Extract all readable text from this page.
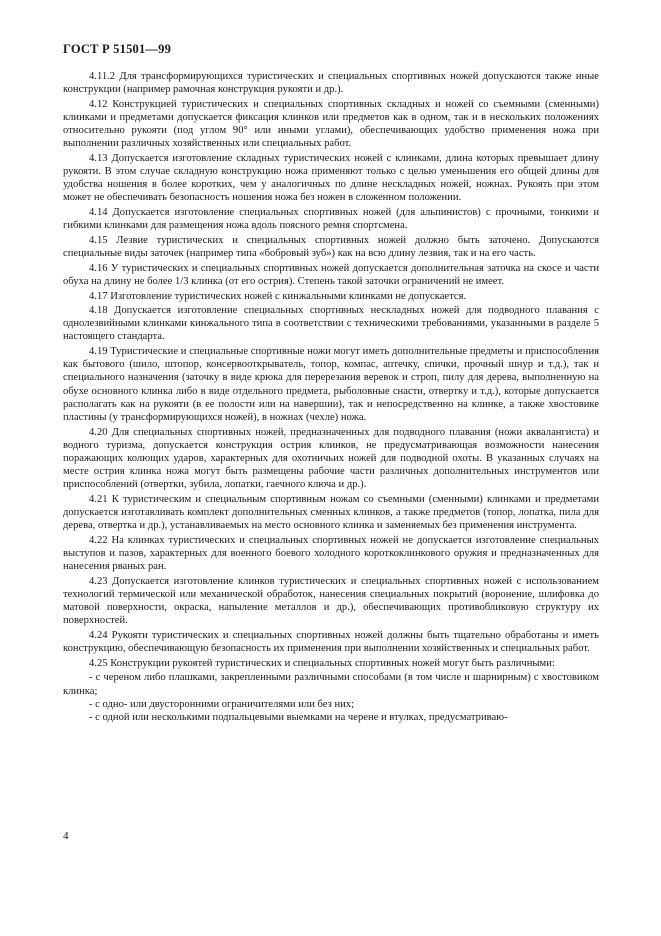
ГОСТ Р 51501—99

4.11.2 Для трансформирующихся туристических и специальных спортивных ножей допускаются также иные конструкции (например рамочная конструкция рукояти и др.).

4.12 Конструкцией туристических и специальных спортивных складных и ножей со съемными (сменными) клинками и предметами допускается фиксация клинков или предметов как в одном, так и в нескольких положениях относительно рукояти (под углом 90° или иными углами), обеспечивающих удобство применения ножа при выполнении различных хозяйственных или специальных работ.

4.13 Допускается изготовление складных туристических ножей с клинками, длина которых превышает длину рукояти. В этом случае складную конструкцию ножа применяют только с целью уменьшения его общей длины для удобства ношения в более коротких, чем у аналогичных по длине нескладных ножей, ножнах. Рукоять при этом может не обеспечивать безопасность ношения ножа без ножен в сложенном положении.

4.14 Допускается изготовление специальных спортивных ножей (для альпинистов) с прочными, тонкими и гибкими клинками для размещения ножа вдоль поясного ремня спортсмена.

4.15 Лезвие туристических и специальных спортивных ножей должно быть заточено. Допускаются специальные виды заточек (например типа «бобровый зуб») как на всю длину лезвия, так и на его часть.

4.16 У туристических и специальных спортивных ножей допускается дополнительная заточка на скосе и части обуха на длину не более 1/3 клинка (от его острия). Степень такой заточки ограничений не имеет.

4.17 Изготовление туристических ножей с кинжальными клинками не допускается.

4.18 Допускается изготовление специальных спортивных нескладных ножей для подводного плавания с однолезвийными клинками кинжального типа в соответствии с техническими требованиями, указанными в разделе 5 настоящего стандарта.

4.19 Туристические и специальные спортивные ножи могут иметь дополнительные предметы и приспособления как бытового (шило, штопор, консервооткрыватель, топор, компас, аптечку, спички, прочный шнур и т.д.), так и специального назначения (заточку в виде крюка для перерезания веревок и строп, пилу для дерева, выполненную на обухе основного клинка либо в виде отдельного предмета, рыболовные снасти, отвертку и т.д.), которые допускается располагать как на рукояти (в ее полости или на навершии), так и непосредственно на клинке, а также хвостовике пластины (у трансформирующихся ножей), в ножнах (чехле) ножа.

4.20 Для специальных спортивных ножей, предназначенных для подводного плавания (ножи аквалангиста) и водного туризма, допускается конструкция острия клинков, не предусматривающая возможности нанесения поражающих колющих ударов, характерных для охотничьих ножей для подводной охоты. В указанных случаях на месте острия клинка ножа могут быть размещены рабочие части различных дополнительных инструментов или приспособлений (отвертки, зубила, лопатки, гаечного ключа и др.).

4.21 К туристическим и специальным спортивным ножам со съемными (сменными) клинками и предметами допускается изготавливать комплект дополнительных сменных клинков, а также предметов (топор, лопатка, пила для дерева, отвертка и др.), устанавливаемых на место основного клинка и заменяемых без применения инструмента.

4.22 На клинках туристических и специальных спортивных ножей не допускается изготовление специальных выступов и пазов, характерных для военного боевого холодного короткоклинкового оружия и предназначенных для нанесения рваных ран.

4.23 Допускается изготовление клинков туристических и специальных спортивных ножей с использованием технологий термической или механической обработок, нанесения специальных покрытий (воронение, шлифовка до матовой поверхности, окраска, напыление металлов и др.), обеспечивающих противобликовую структуру их поверхностей.

4.24 Рукояти туристических и специальных спортивных ножей должны быть тщательно обработаны и иметь конструкцию, обеспечивающую безопасность их применения при выполнении хозяйственных и специальных работ.

4.25 Конструкции рукоятей туристических и специальных спортивных ножей могут быть различными:

- с череном либо плашками, закрепленными различными способами (в том числе и шарнирным) с хвостовиком клинка;

- с одно- или двусторонними ограничителями или без них;

- с одной или несколькими подпальцевыми выемками на черене и втулках, предусматриваю-

4
